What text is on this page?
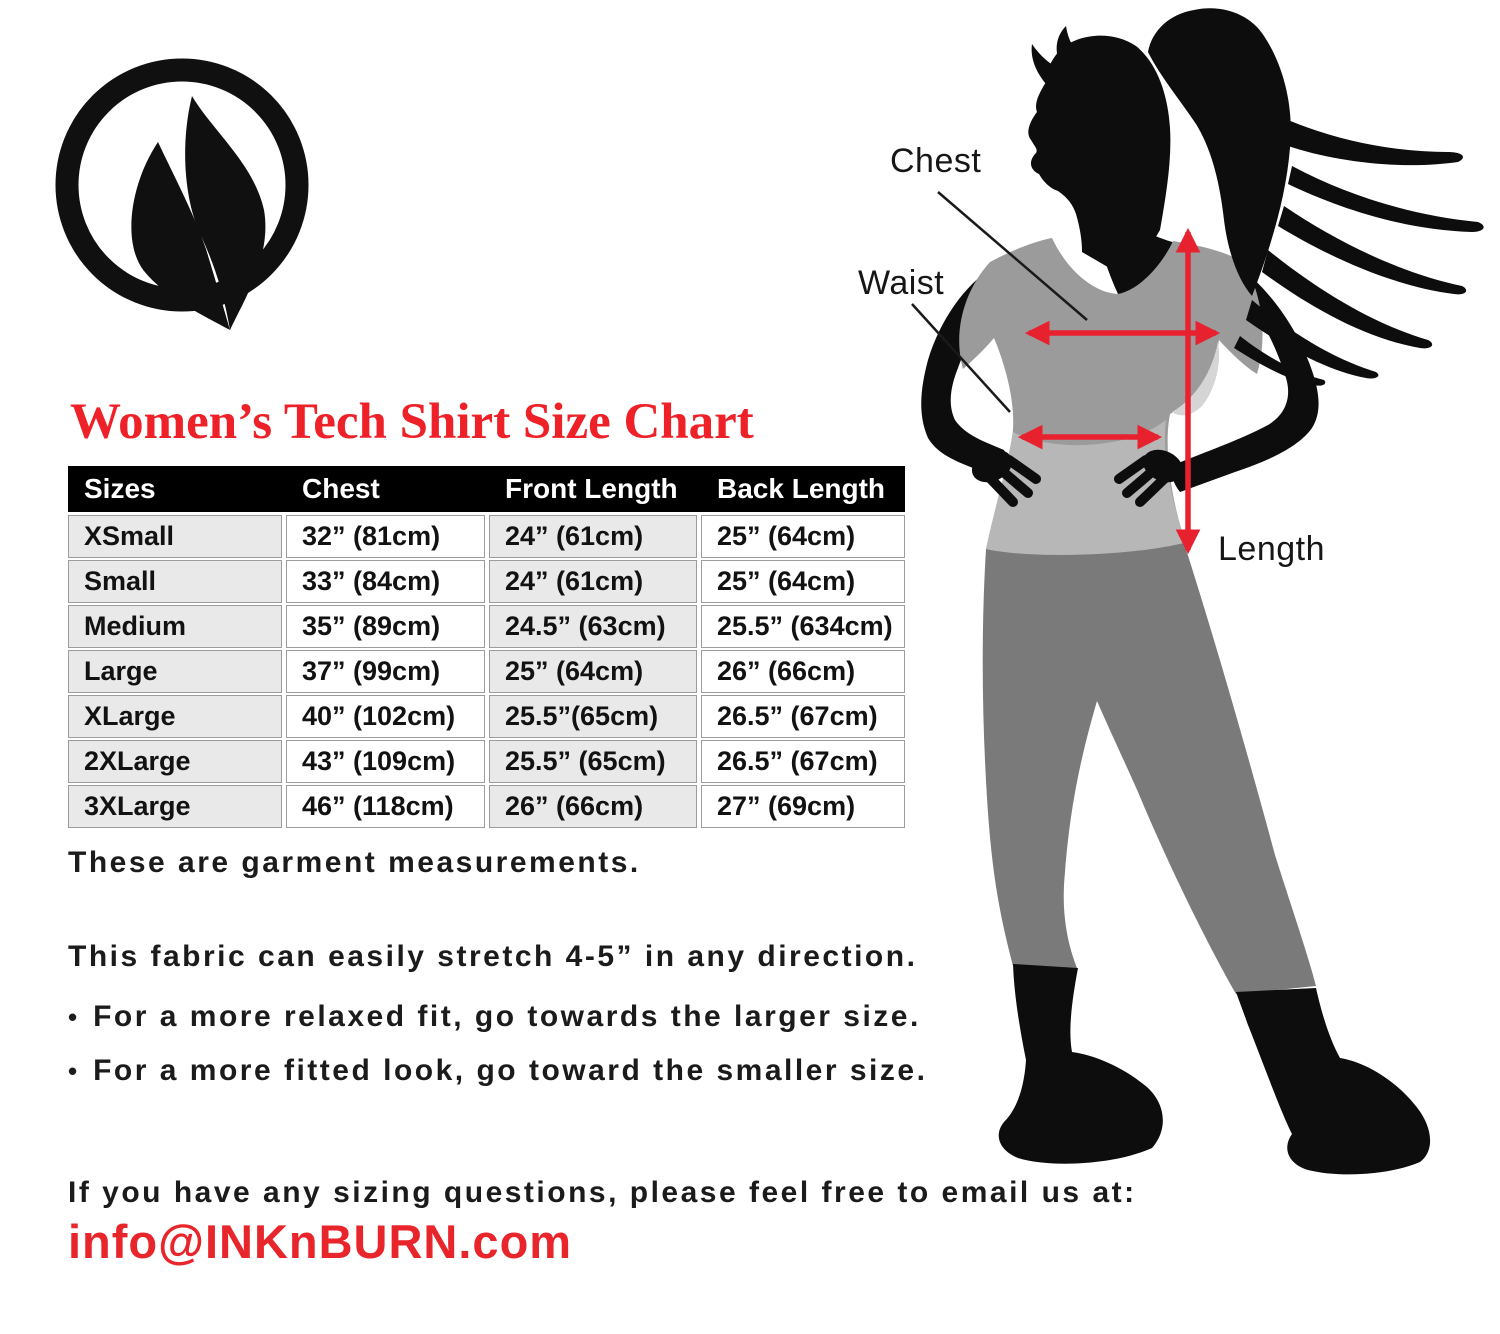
Women’s Tech Shirt Size Chart
Sizes	Chest	Front Length	Back Length
XSmall	32” (81cm)	24” (61cm)	25” (64cm)
Small	33” (84cm)	24” (61cm)	25” (64cm)
Medium	35” (89cm)	24.5” (63cm)	25.5” (634cm)
Large	37” (99cm)	25” (64cm)	26” (66cm)
XLarge	40” (102cm)	25.5”(65cm)	26.5” (67cm)
2XLarge	43” (109cm)	25.5” (65cm)	26.5” (67cm)
3XLarge	46” (118cm)	26” (66cm)	27” (69cm)
These are garment measurements.
This fabric can easily stretch 4-5” in any direction.
• For a more relaxed fit, go towards the larger size.
• For a more fitted look, go toward the smaller size.
If you have any sizing questions, please feel free to email us at:
info@INKnBURN.com
Chest
Waist
Length
